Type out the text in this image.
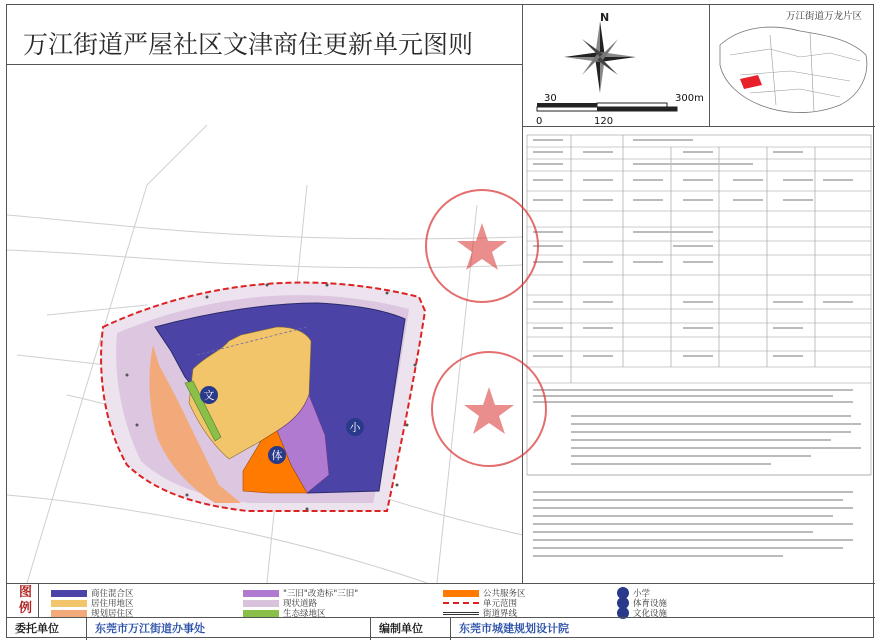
万江街道严屋社区文津商住更新单元图则
N
30	300m
0	120
万江街道万龙片区
小
文
体
图例
商住混合区	"三旧"改造标"三旧"	公共服务区	小学
居住用地区	现状道路	单元范围	体育设施
规划居住区	生态绿地区	街道界线	文化设施
委托单位	东莞市万江街道办事处	编制单位	东莞市城建规划设计院
